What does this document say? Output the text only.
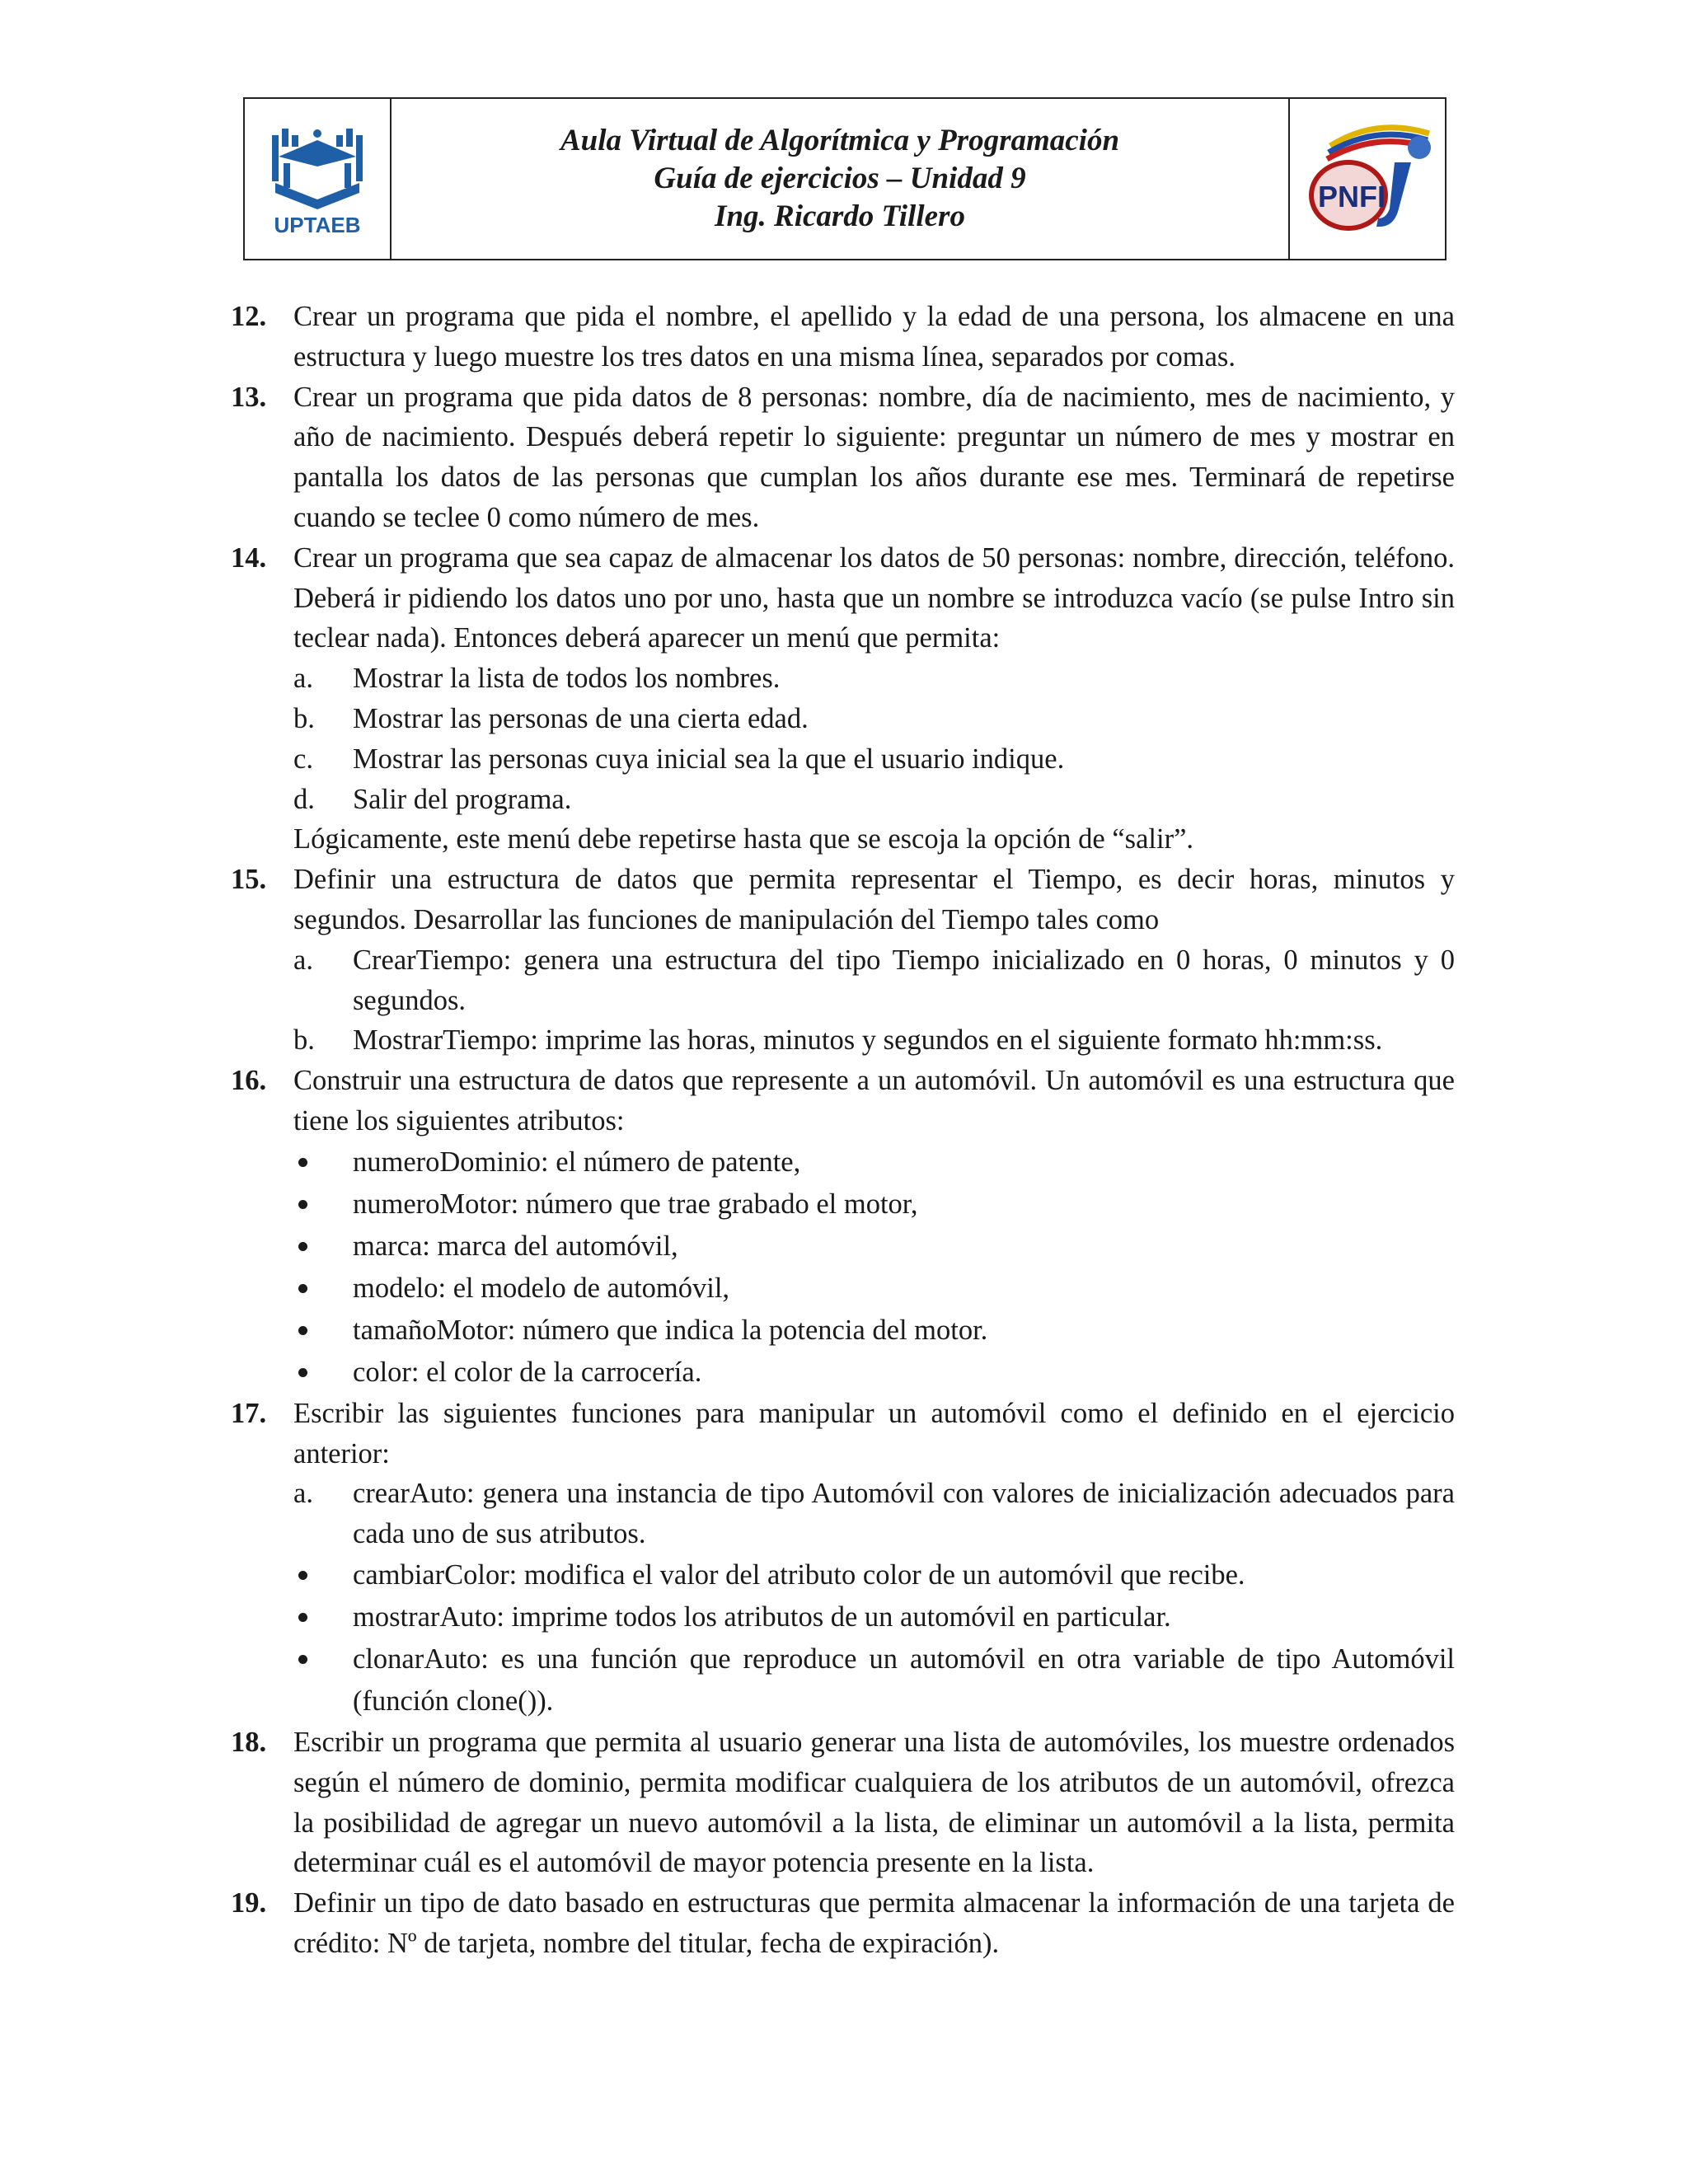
UPTAEB
Aula Virtual de Algorítmica y Programación
Guía de ejercicios – Unidad 9
Ing. Ricardo Tillero
PNFI
12. Crear un programa que pida el nombre, el apellido y la edad de una persona, los almacene en una estructura y luego muestre los tres datos en una misma línea, separados por comas.
13. Crear un programa que pida datos de 8 personas: nombre, día de nacimiento, mes de nacimiento, y año de nacimiento. Después deberá repetir lo siguiente: preguntar un número de mes y mostrar en pantalla los datos de las personas que cumplan los años durante ese mes. Terminará de repetirse cuando se teclee 0 como número de mes.
14. Crear un programa que sea capaz de almacenar los datos de 50 personas: nombre, dirección, teléfono. Deberá ir pidiendo los datos uno por uno, hasta que un nombre se introduzca vacío (se pulse Intro sin teclear nada). Entonces deberá aparecer un menú que permita:
a. Mostrar la lista de todos los nombres.
b. Mostrar las personas de una cierta edad.
c. Mostrar las personas cuya inicial sea la que el usuario indique.
d. Salir del programa.
Lógicamente, este menú debe repetirse hasta que se escoja la opción de “salir”.
15. Definir una estructura de datos que permita representar el Tiempo, es decir horas, minutos y segundos. Desarrollar las funciones de manipulación del Tiempo tales como
a. CrearTiempo: genera una estructura del tipo Tiempo inicializado en 0 horas, 0 minutos y 0 segundos.
b. MostrarTiempo: imprime las horas, minutos y segundos en el siguiente formato hh:mm:ss.
16. Construir una estructura de datos que represente a un automóvil. Un automóvil es una estructura que tiene los siguientes atributos:
numeroDominio: el número de patente,
numeroMotor: número que trae grabado el motor,
marca: marca del automóvil,
modelo: el modelo de automóvil,
tamañoMotor: número que indica la potencia del motor.
color: el color de la carrocería.
17. Escribir las siguientes funciones para manipular un automóvil como el definido en el ejercicio anterior:
a. crearAuto: genera una instancia de tipo Automóvil con valores de inicialización adecuados para cada uno de sus atributos.
cambiarColor: modifica el valor del atributo color de un automóvil que recibe.
mostrarAuto: imprime todos los atributos de un automóvil en particular.
clonarAuto: es una función que reproduce un automóvil en otra variable de tipo Automóvil (función clone()).
18. Escribir un programa que permita al usuario generar una lista de automóviles, los muestre ordenados según el número de dominio, permita modificar cualquiera de los atributos de un automóvil, ofrezca la posibilidad de agregar un nuevo automóvil a la lista, de eliminar un automóvil a la lista, permita determinar cuál es el automóvil de mayor potencia presente en la lista.
19. Definir un tipo de dato basado en estructuras que permita almacenar la información de una tarjeta de crédito: Nº de tarjeta, nombre del titular, fecha de expiración).
